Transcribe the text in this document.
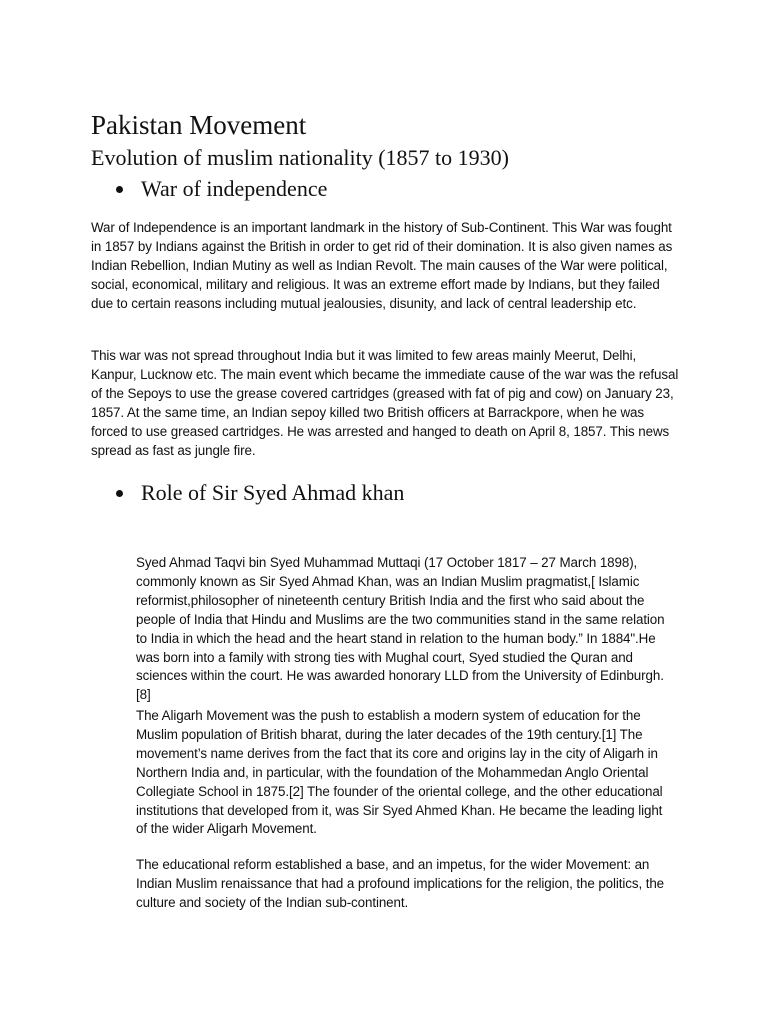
Pakistan Movement
Evolution of muslim nationality (1857 to 1930)
War of independence

War of Independence is an important landmark in the history of Sub-Continent. This War was fought in 1857 by Indians against the British in order to get rid of their domination. It is also given names as Indian Rebellion, Indian Mutiny as well as Indian Revolt. The main causes of the War were political, social, economical, military and religious. It was an extreme effort made by Indians, but they failed due to certain reasons including mutual jealousies, disunity, and lack of central leadership etc.

This war was not spread throughout India but it was limited to few areas mainly Meerut, Delhi, Kanpur, Lucknow etc. The main event which became the immediate cause of the war was the refusal of the Sepoys to use the grease covered cartridges (greased with fat of pig and cow) on January 23, 1857. At the same time, an Indian sepoy killed two British officers at Barrackpore, when he was forced to use greased cartridges. He was arrested and hanged to death on April 8, 1857. This news spread as fast as jungle fire.

Role of Sir Syed Ahmad khan

Syed Ahmad Taqvi bin Syed Muhammad Muttaqi (17 October 1817 – 27 March 1898), commonly known as Sir Syed Ahmad Khan, was an Indian Muslim pragmatist,[ Islamic reformist,philosopher of nineteenth century British India and the first who said about the people of India that Hindu and Muslims are the two communities stand in the same relation to India in which the head and the heart stand in relation to the human body.” In 1884".He was born into a family with strong ties with Mughal court, Syed studied the Quran and sciences within the court. He was awarded honorary LLD from the University of Edinburgh.[8]

The Aligarh Movement was the push to establish a modern system of education for the Muslim population of British bharat, during the later decades of the 19th century.[1] The movement’s name derives from the fact that its core and origins lay in the city of Aligarh in Northern India and, in particular, with the foundation of the Mohammedan Anglo Oriental Collegiate School in 1875.[2] The founder of the oriental college, and the other educational institutions that developed from it, was Sir Syed Ahmed Khan. He became the leading light of the wider Aligarh Movement.

The educational reform established a base, and an impetus, for the wider Movement: an Indian Muslim renaissance that had a profound implications for the religion, the politics, the culture and society of the Indian sub-continent.
